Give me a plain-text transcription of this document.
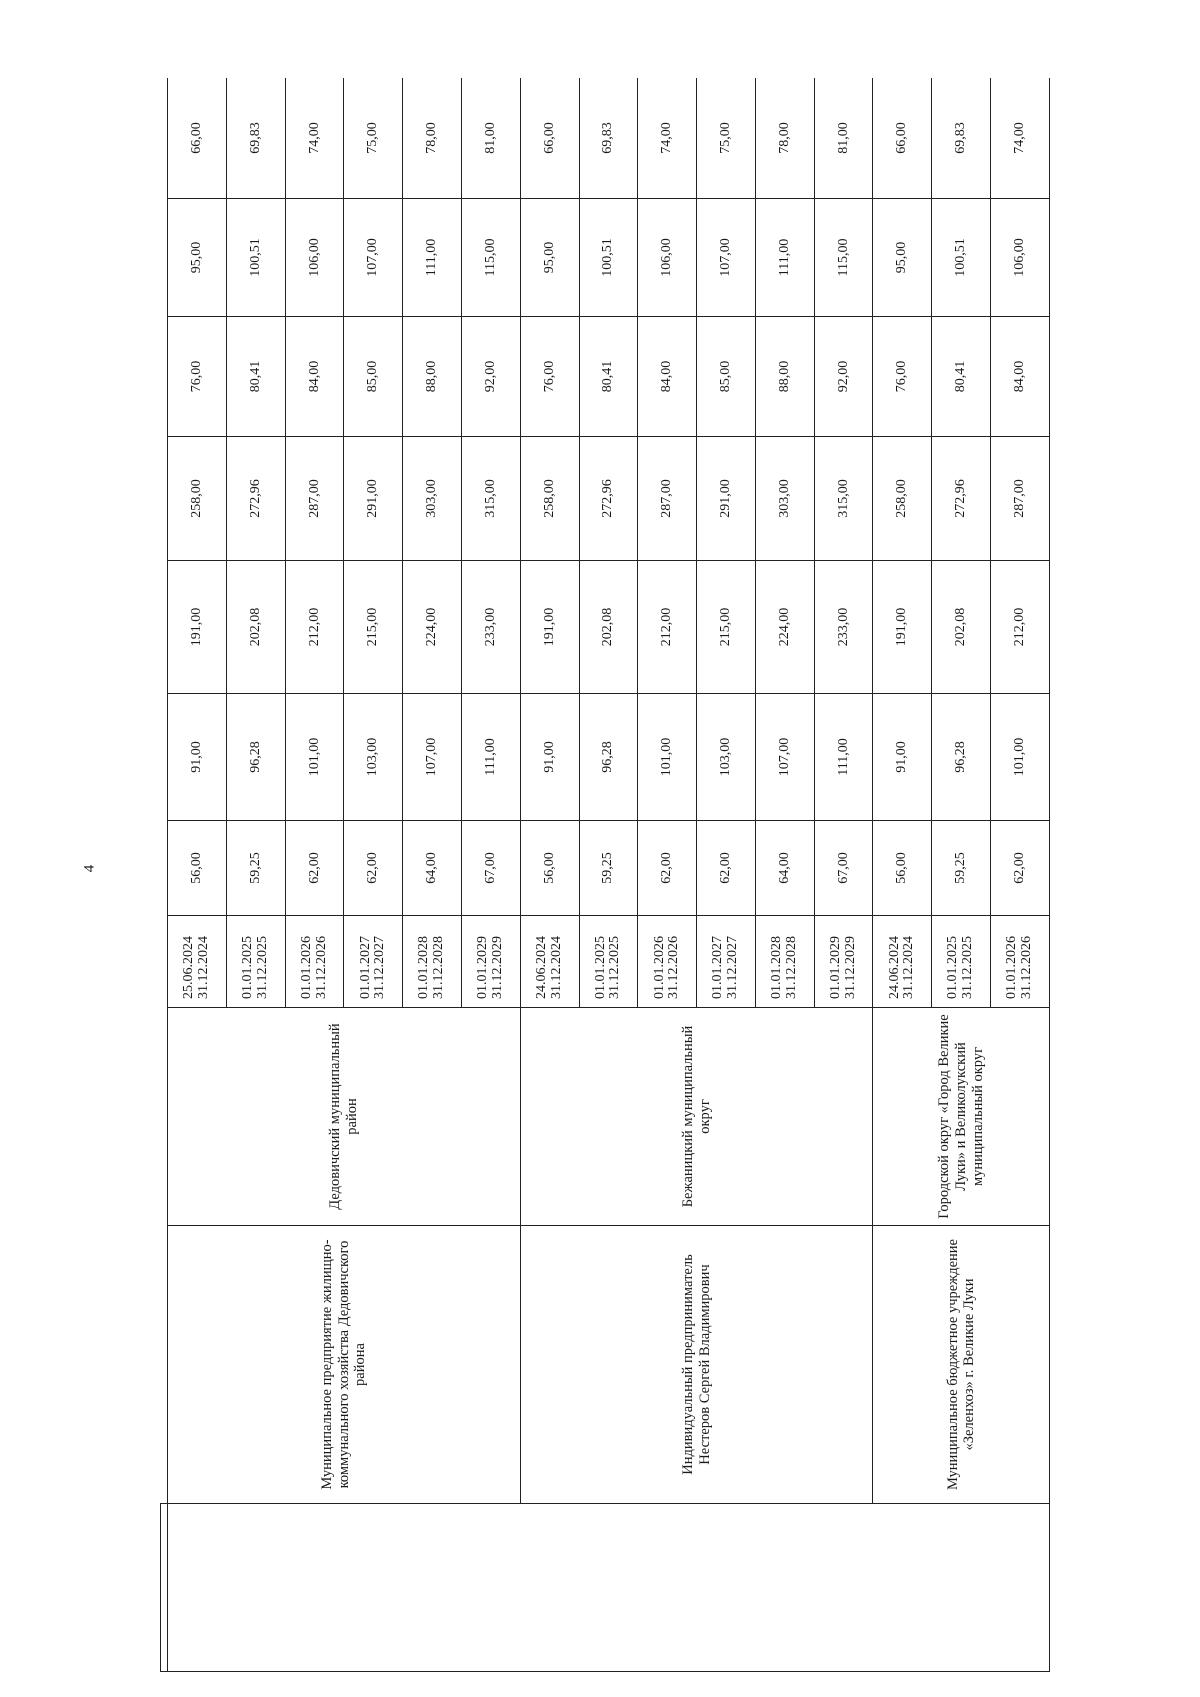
4

	Муниципальное предприятие жилищно-коммунального хозяйства Дедовичского района	Дедовичский муниципальный район	25.06.2024 31.12.2024	56,00	91,00	191,00	258,00	76,00	95,00	66,00

			01.01.2025 31.12.2025	59,25	96,28	202,08	272,96	80,41	100,51	69,83

			01.01.2026 31.12.2026	62,00	101,00	212,00	287,00	84,00	106,00	74,00

			01.01.2027 31.12.2027	62,00	103,00	215,00	291,00	85,00	107,00	75,00

			01.01.2028 31.12.2028	64,00	107,00	224,00	303,00	88,00	111,00	78,00

			01.01.2029 31.12.2029	67,00	111,00	233,00	315,00	92,00	115,00	81,00
	Индивидуальный предприниматель Нестеров Сергей Владимирович	Бежаницкий муниципальный округ	24.06.2024 31.12.2024	56,00	91,00	191,00	258,00	76,00	95,00	66,00

			01.01.2025 31.12.2025	59,25	96,28	202,08	272,96	80,41	100,51	69,83

			01.01.2026 31.12.2026	62,00	101,00	212,00	287,00	84,00	106,00	74,00

			01.01.2027 31.12.2027	62,00	103,00	215,00	291,00	85,00	107,00	75,00

			01.01.2028 31.12.2028	64,00	107,00	224,00	303,00	88,00	111,00	78,00

			01.01.2029 31.12.2029	67,00	111,00	233,00	315,00	92,00	115,00	81,00
	Муниципальное бюджетное учреждение «Зеленхоз» г. Великие Луки	Городской округ «Город Великие Луки» и Великолукский муниципальный округ	24.06.2024 31.12.2024	56,00	91,00	191,00	258,00	76,00	95,00	66,00

			01.01.2025 31.12.2025	59,25	96,28	202,08	272,96	80,41	100,51	69,83

			01.01.2026 31.12.2026	62,00	101,00	212,00	287,00	84,00	106,00	74,00
